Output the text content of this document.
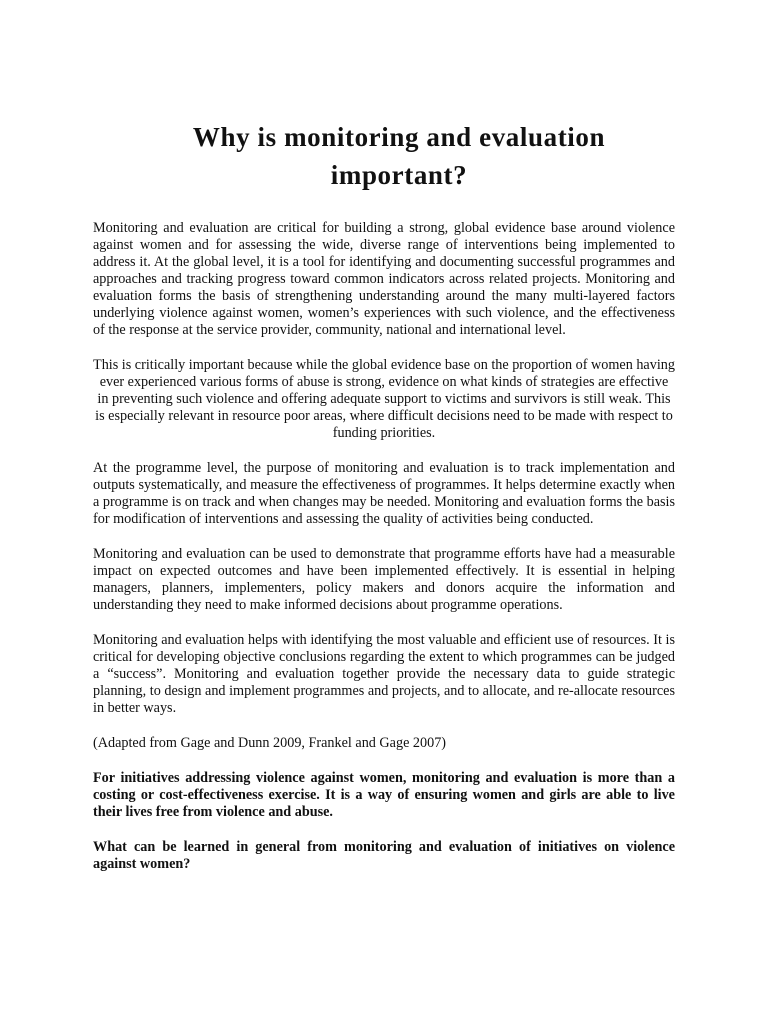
Why is monitoring and evaluation important?

Monitoring and evaluation are critical for building a strong, global evidence base around violence against women and for assessing the wide, diverse range of interventions being implemented to address it. At the global level, it is a tool for identifying and documenting successful programmes and approaches and tracking progress toward common indicators across related projects. Monitoring and evaluation forms the basis of strengthening understanding around the many multi-layered factors underlying violence against women, women’s experiences with such violence, and the effectiveness of the response at the service provider, community, national and international level.

This is critically important because while the global evidence base on the proportion of women having ever experienced various forms of abuse is strong, evidence on what kinds of strategies are effective in preventing such violence and offering adequate support to victims and survivors is still weak. This is especially relevant in resource poor areas, where difficult decisions need to be made with respect to funding priorities.

At the programme level, the purpose of monitoring and evaluation is to track implementation and outputs systematically, and measure the effectiveness of programmes. It helps determine exactly when a programme is on track and when changes may be needed. Monitoring and evaluation forms the basis for modification of interventions and assessing the quality of activities being conducted.

Monitoring and evaluation can be used to demonstrate that programme efforts have had a measurable impact on expected outcomes and have been implemented effectively. It is essential in helping managers, planners, implementers, policy makers and donors acquire the information and understanding they need to make informed decisions about programme operations.

Monitoring and evaluation helps with identifying the most valuable and efficient use of resources. It is critical for developing objective conclusions regarding the extent to which programmes can be judged a “success”. Monitoring and evaluation together provide the necessary data to guide strategic planning, to design and implement programmes and projects, and to allocate, and re-allocate resources in better ways.

(Adapted from Gage and Dunn 2009, Frankel and Gage 2007)

For initiatives addressing violence against women, monitoring and evaluation is more than a costing or cost-effectiveness exercise. It is a way of ensuring women and girls are able to live their lives free from violence and abuse.

What can be learned in general from monitoring and evaluation of initiatives on violence against women?
